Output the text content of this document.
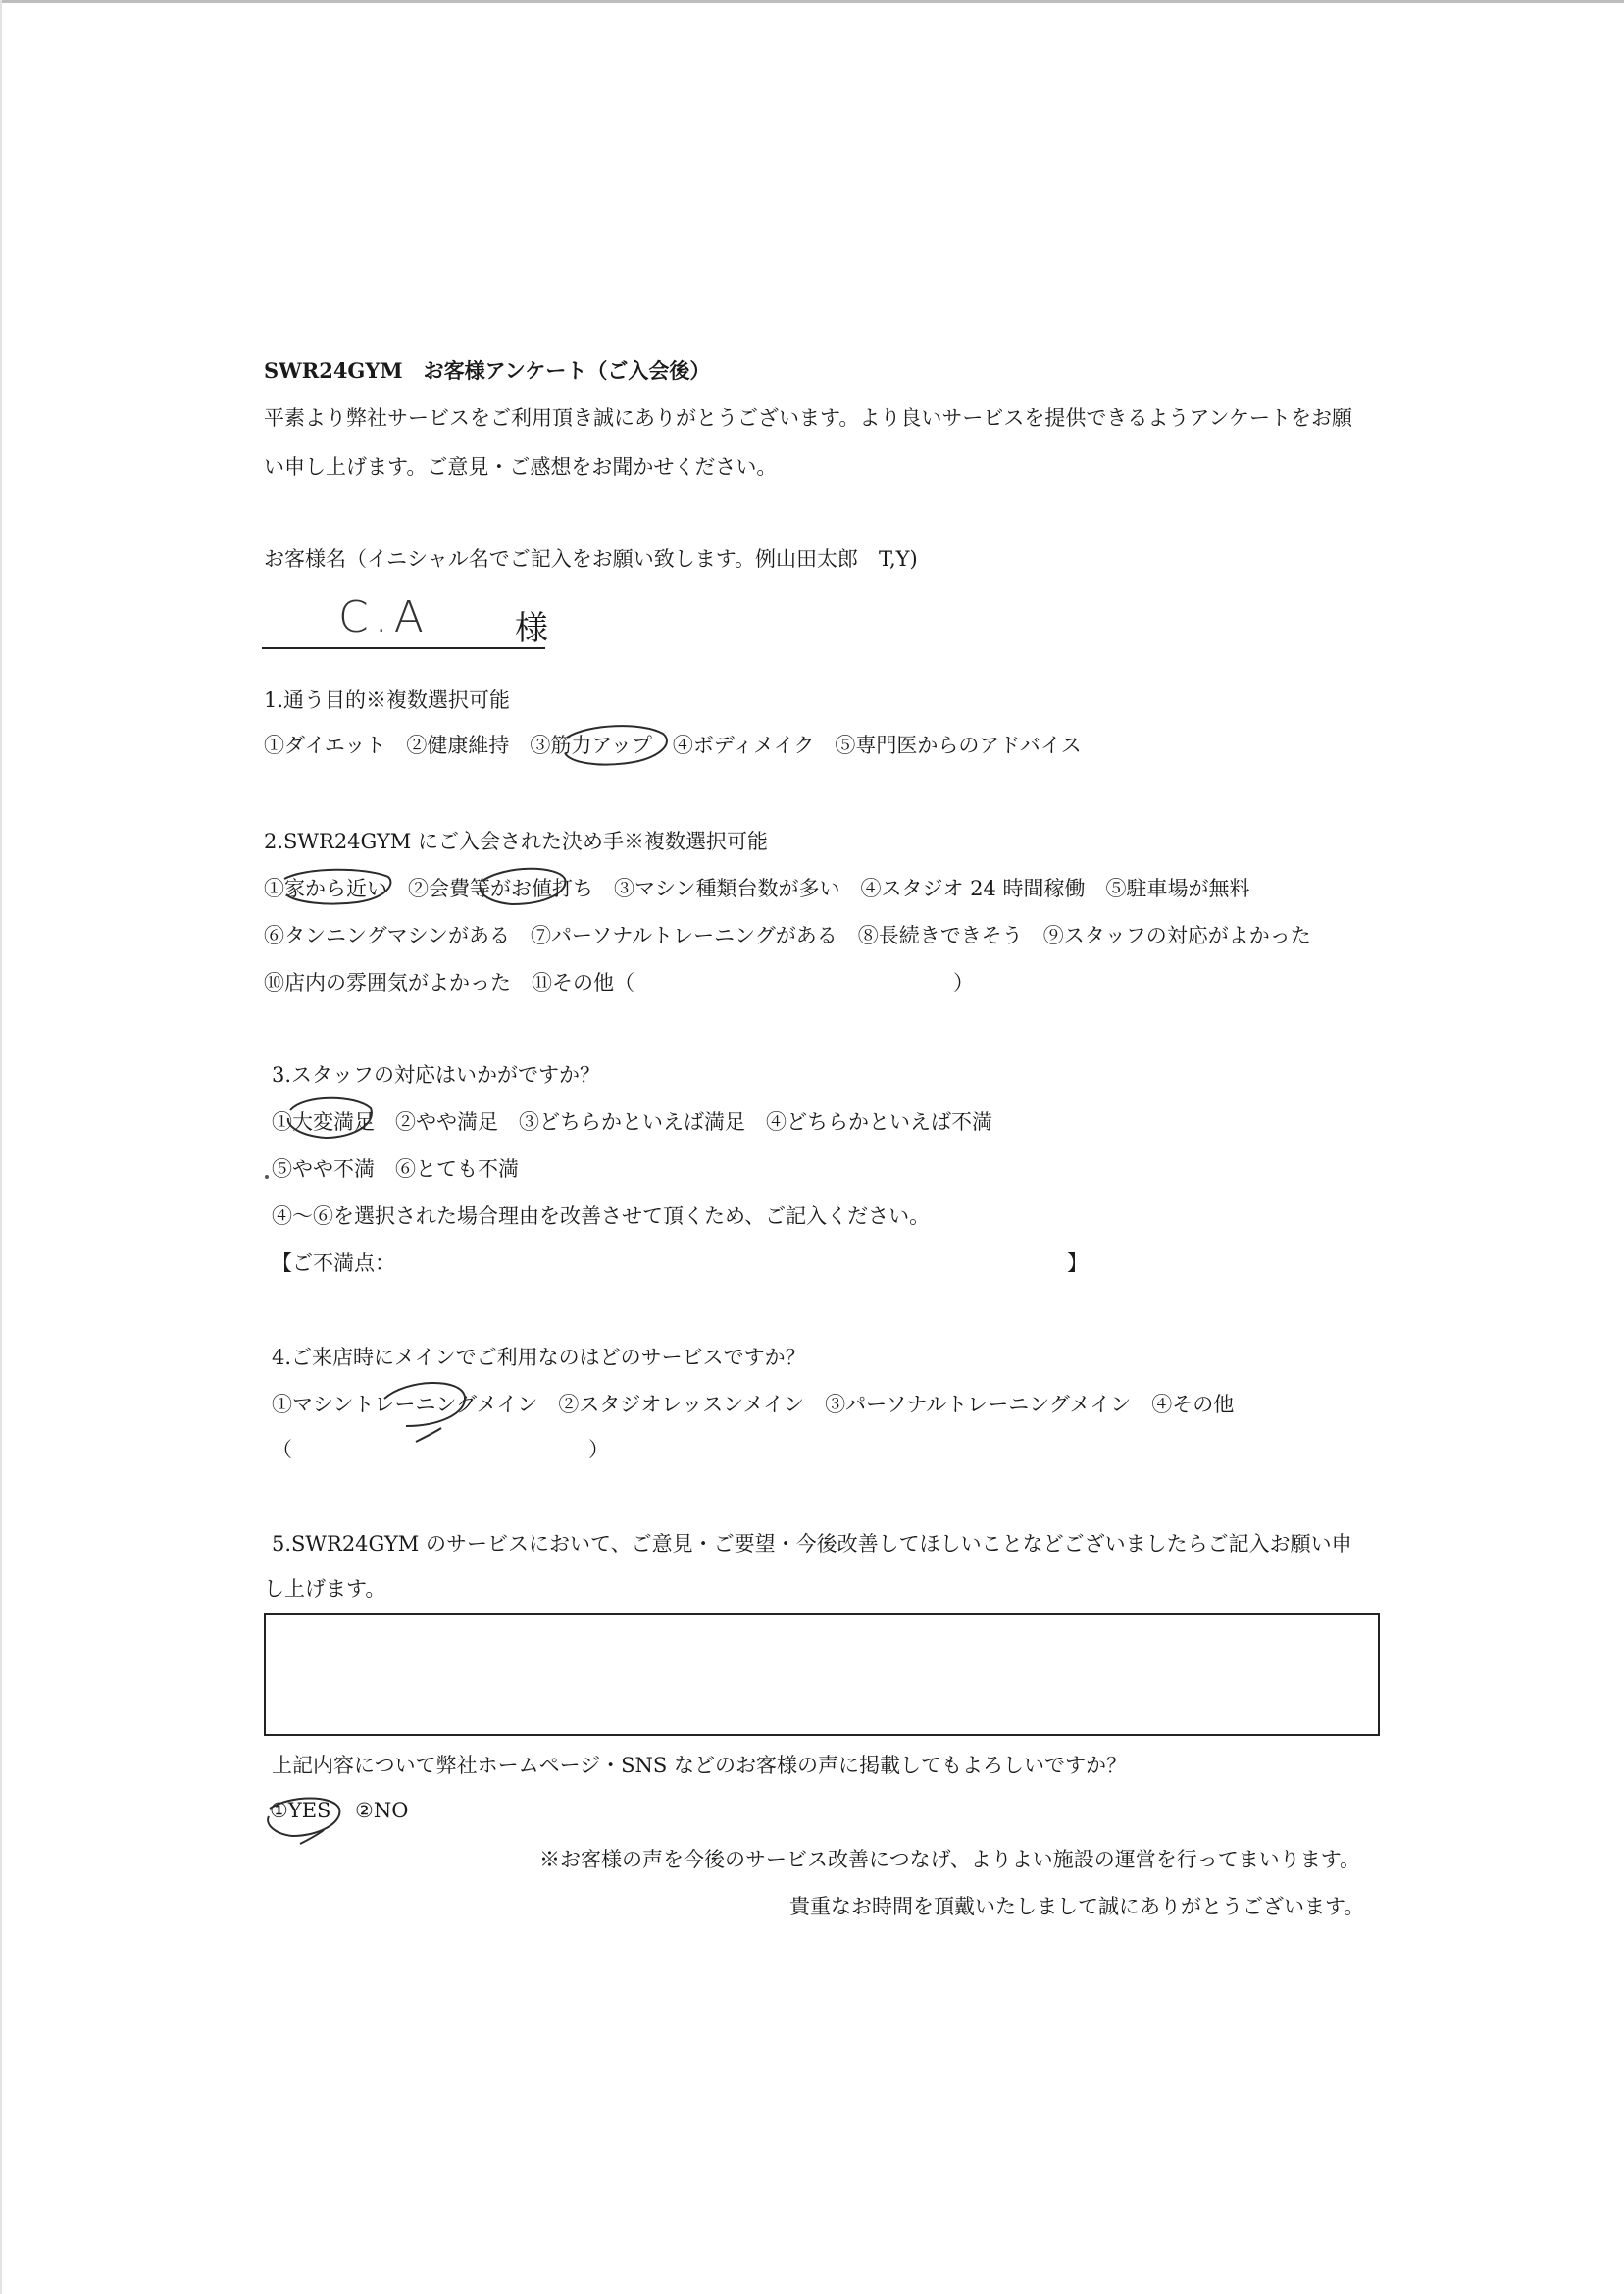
SWR24GYM　お客様アンケート（ご入会後）
平素より弊社サービスをご利用頂き誠にありがとうございます。より良いサービスを提供できるようアンケートをお願
い申し上げます。ご意見・ご感想をお聞かせください。
お客様名（イニシャル名でご記入をお願い致します。例山田太郎　T,Y)
C.A	様
1.通う目的※複数選択可能
①ダイエット　②健康維持　③筋力アップ　④ボディメイク　⑤専門医からのアドバイス
2.SWR24GYM にご入会された決め手※複数選択可能
①家から近い　②会費等がお値打ち　③マシン種類台数が多い　④スタジオ 24 時間稼働　⑤駐車場が無料
⑥タンニングマシンがある　⑦パーソナルトレーニングがある　⑧長続きできそう　⑨スタッフの対応がよかった
⑩店内の雰囲気がよかった　⑪その他（	）
3.スタッフの対応はいかがですか？
①大変満足　②やや満足　③どちらかといえば満足　④どちらかといえば不満
⑤やや不満　⑥とても不満
④～⑥を選択された場合理由を改善させて頂くため、ご記入ください。
【ご不満点：	】
4.ご来店時にメインでご利用なのはどのサービスですか？
①マシントレーニングメイン　②スタジオレッスンメイン　③パーソナルトレーニングメイン　④その他
（	）
5.SWR24GYM のサービスにおいて、ご意見・ご要望・今後改善してほしいことなどございましたらご記入お願い申
し上げます。
上記内容について弊社ホームページ・SNS などのお客様の声に掲載してもよろしいですか？
①YES ②NO
※お客様の声を今後のサービス改善につなげ、よりよい施設の運営を行ってまいります。
貴重なお時間を頂戴いたしまして誠にありがとうございます。
